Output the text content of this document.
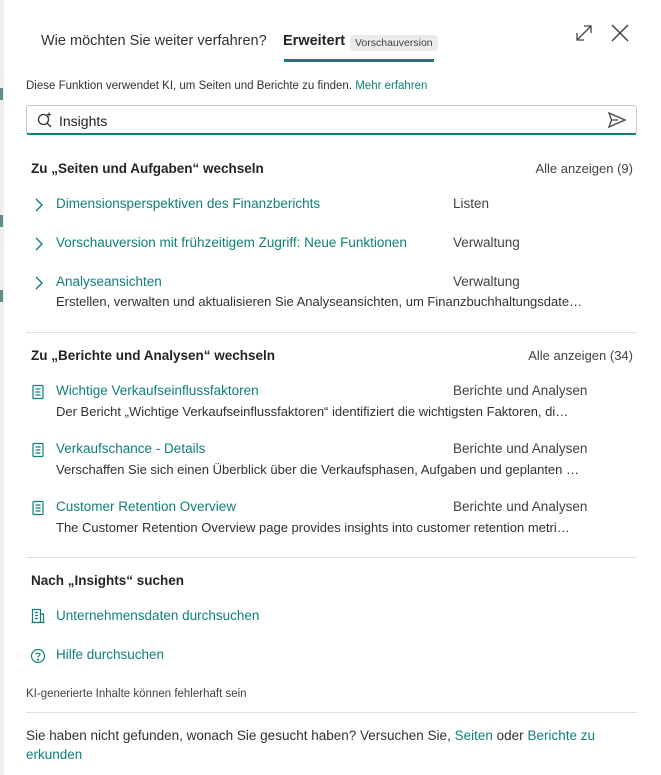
Wie möchten Sie weiter verfahren? Erweitert Vorschauversion
Diese Funktion verwendet KI, um Seiten und Berichte zu finden. Mehr erfahren
Insights
Zu „Seiten und Aufgaben“ wechseln	Alle anzeigen (9)
Dimensionsperspektiven des Finanzberichts	Listen
Vorschauversion mit frühzeitigem Zugriff: Neue Funktionen	Verwaltung
Analyseansichten	Verwaltung
Erstellen, verwalten und aktualisieren Sie Analyseansichten, um Finanzbuchhaltungsdate…
Zu „Berichte und Analysen“ wechseln	Alle anzeigen (34)
Wichtige Verkaufseinflussfaktoren	Berichte und Analysen
Der Bericht „Wichtige Verkaufseinflussfaktoren“ identifiziert die wichtigsten Faktoren, di…
Verkaufschance - Details	Berichte und Analysen
Verschaffen Sie sich einen Überblick über die Verkaufsphasen, Aufgaben und geplanten …
Customer Retention Overview	Berichte und Analysen
The Customer Retention Overview page provides insights into customer retention metri…
Nach „Insights“ suchen
Unternehmensdaten durchsuchen
Hilfe durchsuchen
KI-generierte Inhalte können fehlerhaft sein
Sie haben nicht gefunden, wonach Sie gesucht haben? Versuchen Sie, Seiten oder Berichte zu erkunden
